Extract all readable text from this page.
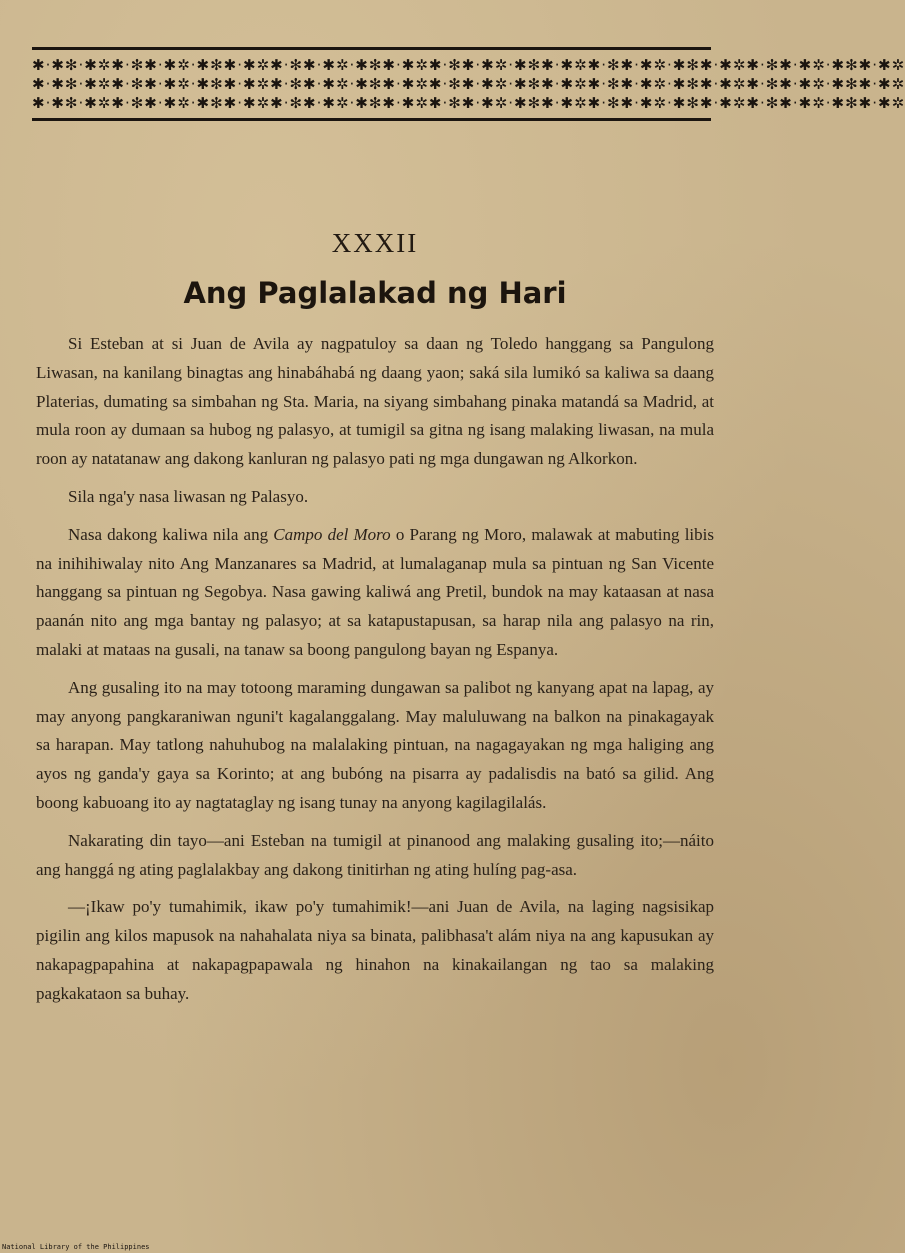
✱·✱✻·✱✲✱·✻✱·✱✲·✱✻✱·✱✲✱·✻✱·✱✲·✱✻✱·✱✲✱·✻✱·✱✲·✱✻✱·✱✲✱·✻✱·✱✲·✱✻✱·✱✲✱·✻✱·✱✲·✱✻✱·✱✲
✱·✱✻·✱✲✱·✻✱·✱✲·✱✻✱·✱✲✱·✻✱·✱✲·✱✻✱·✱✲✱·✻✱·✱✲·✱✻✱·✱✲✱·✻✱·✱✲·✱✻✱·✱✲✱·✻✱·✱✲·✱✻✱·✱✲
✱·✱✻·✱✲✱·✻✱·✱✲·✱✻✱·✱✲✱·✻✱·✱✲·✱✻✱·✱✲✱·✻✱·✱✲·✱✻✱·✱✲✱·✻✱·✱✲·✱✻✱·✱✲✱·✻✱·✱✲·✱✻✱·✱✲
XXXII
Ang Paglalakad ng Hari

Si Esteban at si Juan de Avila ay nagpatuloy sa daan ng Toledo hanggang sa Pangulong Liwasan, na kanilang binagtas ang hinabáhabá ng daang yaon; saká sila lumikó sa kaliwa sa daang Platerias, dumating sa simbahan ng Sta. Maria, na siyang simbahang pinaka matandá sa Madrid, at mula roon ay dumaan sa hubog ng palasyo, at tumigil sa gitna ng isang malaking liwasan, na mula roon ay natatanaw ang dakong kanluran ng palasyo pati ng mga dungawan ng Alkorkon.

Sila nga'y nasa liwasan ng Palasyo.

Nasa dakong kaliwa nila ang Campo del Moro o Parang ng Moro, malawak at mabuting libis na inihihiwalay nito Ang Manzanares sa Madrid, at lumalaganap mula sa pintuan ng San Vicente hanggang sa pintuan ng Segobya. Nasa gawing kaliwá ang Pretil, bundok na may kataasan at nasa paanán nito ang mga bantay ng palasyo; at sa katapustapusan, sa harap nila ang palasyo na rin, malaki at mataas na gusali, na tanaw sa boong pangulong bayan ng Espanya.

Ang gusaling ito na may totoong maraming dungawan sa palibot ng kanyang apat na lapag, ay may anyong pangkaraniwan nguni't kagalanggalang. May maluluwang na balkon na pinakagayak sa harapan. May tatlong nahuhubog na malalaking pintuan, na nagagayakan ng mga haliging ang ayos ng ganda'y gaya sa Korinto; at ang bubóng na pisarra ay padalisdis na bató sa gilid. Ang boong kabuoang ito ay nagtataglay ng isang tunay na anyong kagilagilalás.

Nakarating din tayo—ani Esteban na tumigil at pinanood ang malaking gusaling ito;—náito ang hanggá ng ating paglalakbay ang dakong tinitirhan ng ating hulíng pag-asa.

—¡Ikaw po'y tumahimik, ikaw po'y tumahimik!—ani Juan de Avila, na laging nagsisikap pigilin ang kilos mapusok na nahahalata niya sa binata, palibhasa't alám niya na ang kapusukan ay nakapagpapahina at nakapagpapawala ng hinahon na kinakailangan ng tao sa malaking pagkakataon sa buhay.

National Library of the Philippines
